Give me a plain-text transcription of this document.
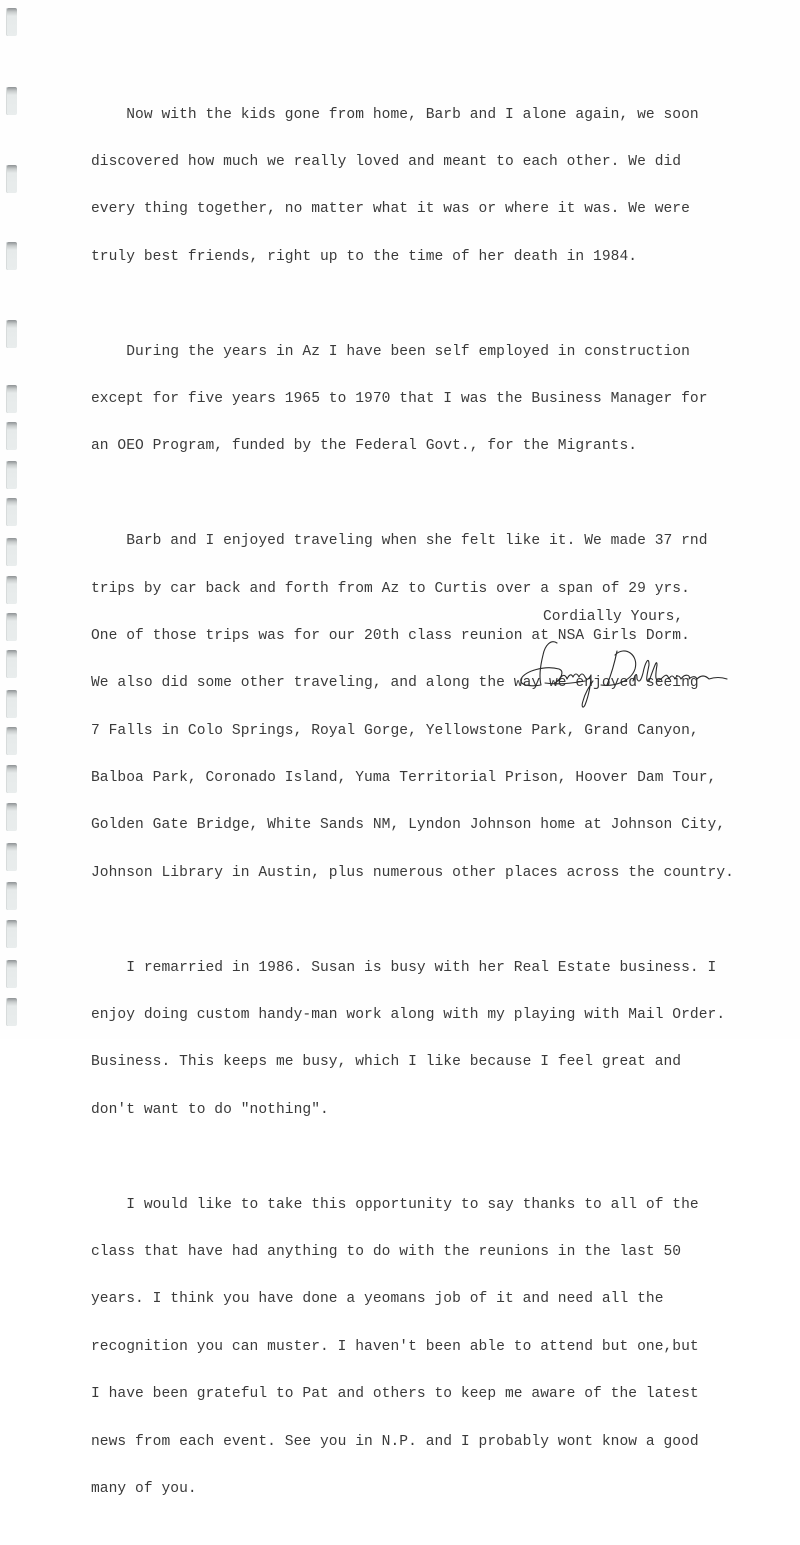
Now with the kids gone from home, Barb and I alone again, we soon

discovered how much we really loved and meant to each other. We did

every thing together, no matter what it was or where it was. We were

truly best friends, right up to the time of her death in 1984.

During the years in Az I have been self employed in construction

except for five years 1965 to 1970 that I was the Business Manager for

an OEO Program, funded by the Federal Govt., for the Migrants.

Barb and I enjoyed traveling when she felt like it. We made 37 rnd

trips by car back and forth from Az to Curtis over a span of 29 yrs.

One of those trips was for our 20th class reunion at NSA Girls Dorm.

We also did some other traveling, and along the way we enjoyed seeing

7 Falls in Colo Springs, Royal Gorge, Yellowstone Park, Grand Canyon,

Balboa Park, Coronado Island, Yuma Territorial Prison, Hoover Dam Tour,

Golden Gate Bridge, White Sands NM, Lyndon Johnson home at Johnson City,

Johnson Library in Austin, plus numerous other places across the country.

I remarried in 1986. Susan is busy with her Real Estate business. I

enjoy doing custom handy-man work along with my playing with Mail Order.

Business. This keeps me busy, which I like because I feel great and

don't want to do "nothing".

I would like to take this opportunity to say thanks to all of the

class that have had anything to do with the reunions in the last 50

years. I think you have done a yeomans job of it and need all the

recognition you can muster. I haven't been able to attend but one,but

I have been grateful to Pat and others to keep me aware of the latest

news from each event. See you in N.P. and I probably wont know a good

many of you.

Cordially Yours,
